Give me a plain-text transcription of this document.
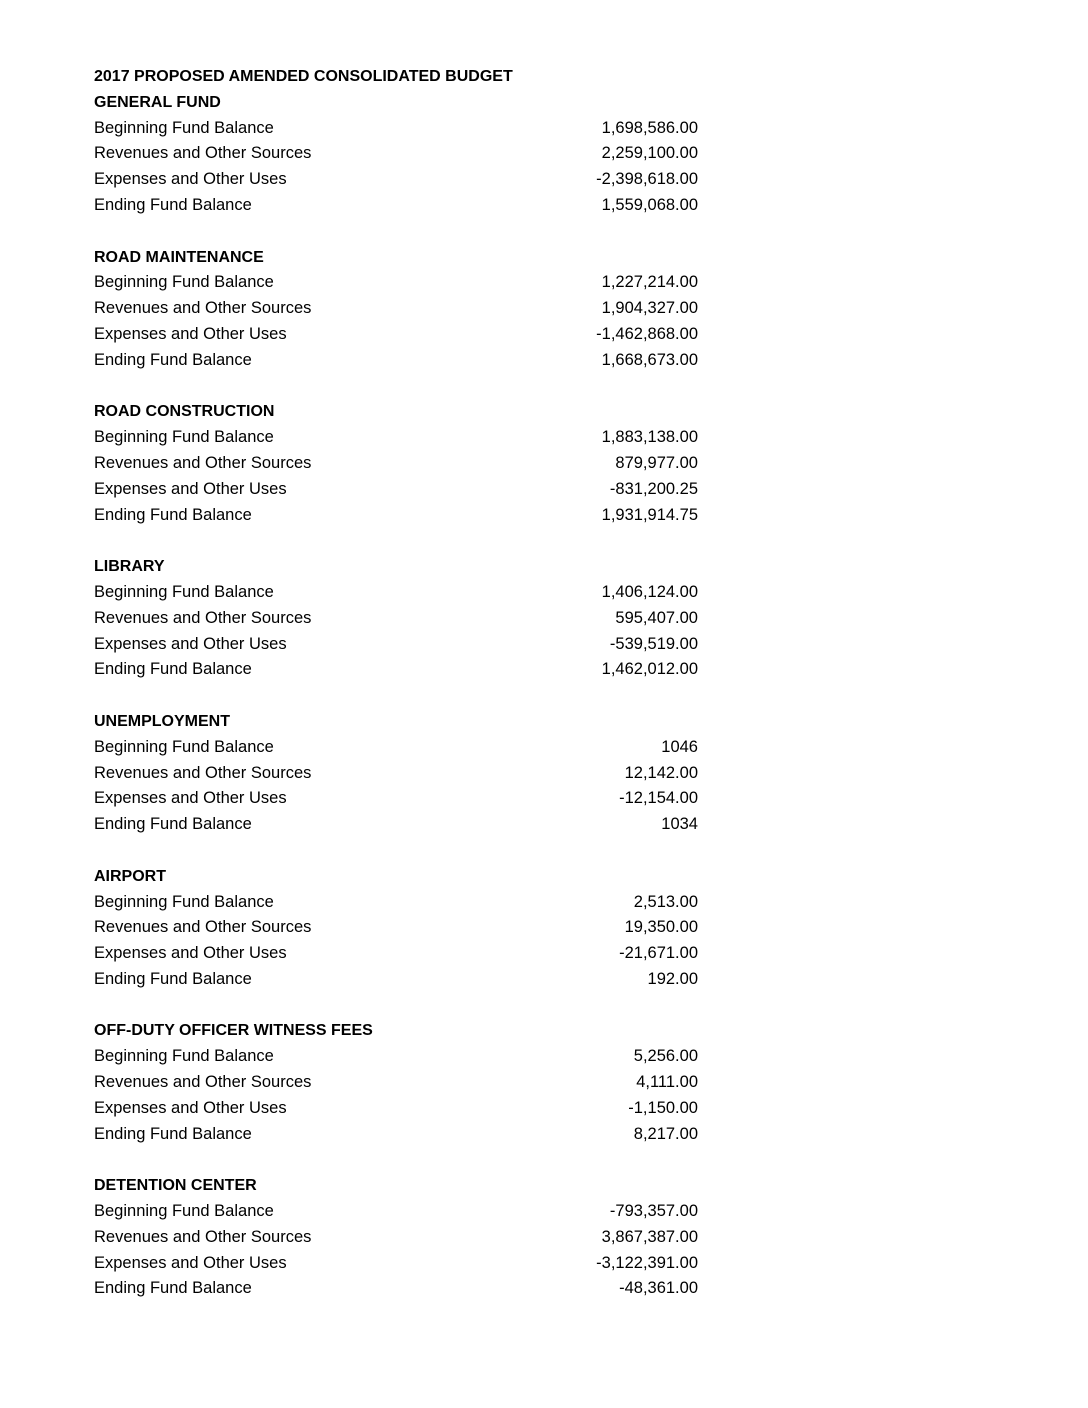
2017 PROPOSED AMENDED CONSOLIDATED BUDGET
GENERAL FUND
Beginning Fund Balance	1,698,586.00
Revenues and Other Sources	2,259,100.00
Expenses and Other Uses	-2,398,618.00
Ending Fund Balance	1,559,068.00
ROAD MAINTENANCE
Beginning Fund Balance	1,227,214.00
Revenues and Other Sources	1,904,327.00
Expenses and Other Uses	-1,462,868.00
Ending Fund Balance	1,668,673.00
ROAD CONSTRUCTION
Beginning Fund Balance	1,883,138.00
Revenues and Other Sources	879,977.00
Expenses and Other Uses	-831,200.25
Ending Fund Balance	1,931,914.75
LIBRARY
Beginning Fund Balance	1,406,124.00
Revenues and Other Sources	595,407.00
Expenses and Other Uses	-539,519.00
Ending Fund Balance	1,462,012.00
UNEMPLOYMENT
Beginning Fund Balance	1046
Revenues and Other Sources	12,142.00
Expenses and Other Uses	-12,154.00
Ending Fund Balance	1034
AIRPORT
Beginning Fund Balance	2,513.00
Revenues and Other Sources	19,350.00
Expenses and Other Uses	-21,671.00
Ending Fund Balance	192.00
OFF-DUTY OFFICER WITNESS FEES
Beginning Fund Balance	5,256.00
Revenues and Other Sources	4,111.00
Expenses and Other Uses	-1,150.00
Ending Fund Balance	8,217.00
DETENTION CENTER
Beginning Fund Balance	-793,357.00
Revenues and Other Sources	3,867,387.00
Expenses and Other Uses	-3,122,391.00
Ending Fund Balance	-48,361.00
